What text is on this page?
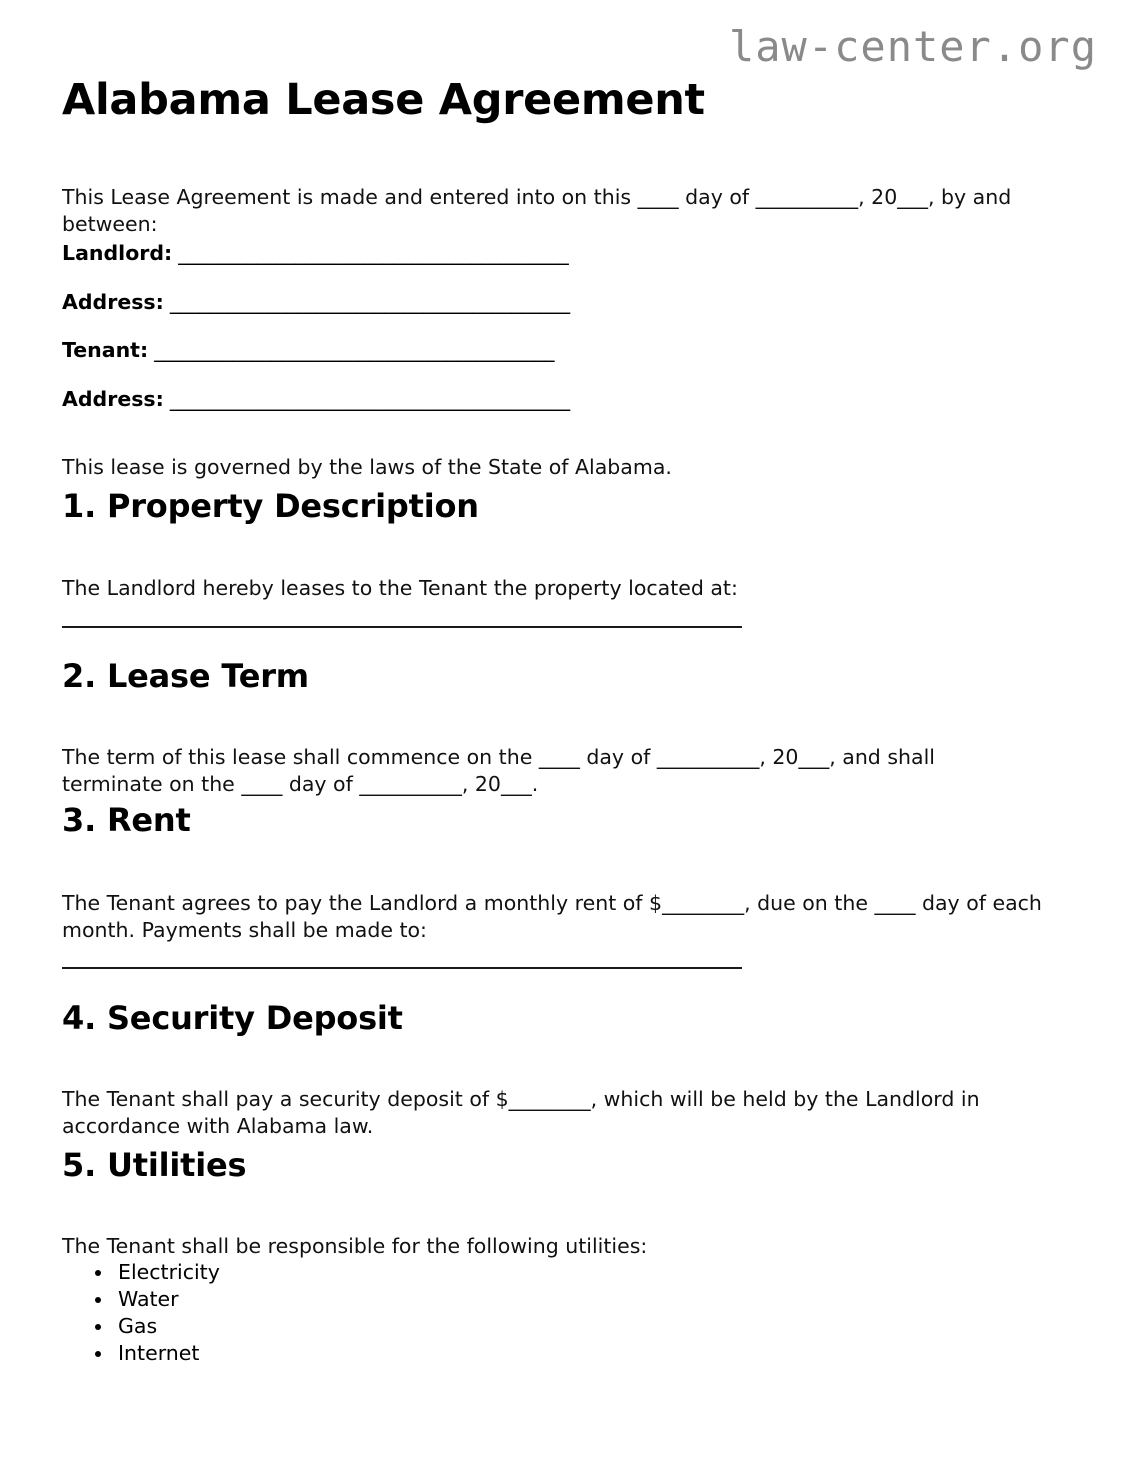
law-center.org
Alabama Lease Agreement

This Lease Agreement is made and entered into on this ____ day of __________, 20___, by and between:

Landlord: ________________________________________
Address: _________________________________________
Tenant: _________________________________________
Address: _________________________________________

This lease is governed by the laws of the State of Alabama.

1. Property Description

The Landlord hereby leases to the Tenant the property located at:

2. Lease Term

The term of this lease shall commence on the ____ day of __________, 20___, and shall terminate on the ____ day of __________, 20___.

3. Rent

The Tenant agrees to pay the Landlord a monthly rent of $________, due on the ____ day of each month. Payments shall be made to:

4. Security Deposit

The Tenant shall pay a security deposit of $________, which will be held by the Landlord in accordance with Alabama law.

5. Utilities

The Tenant shall be responsible for the following utilities:

• Electricity
• Water
• Gas
• Internet
